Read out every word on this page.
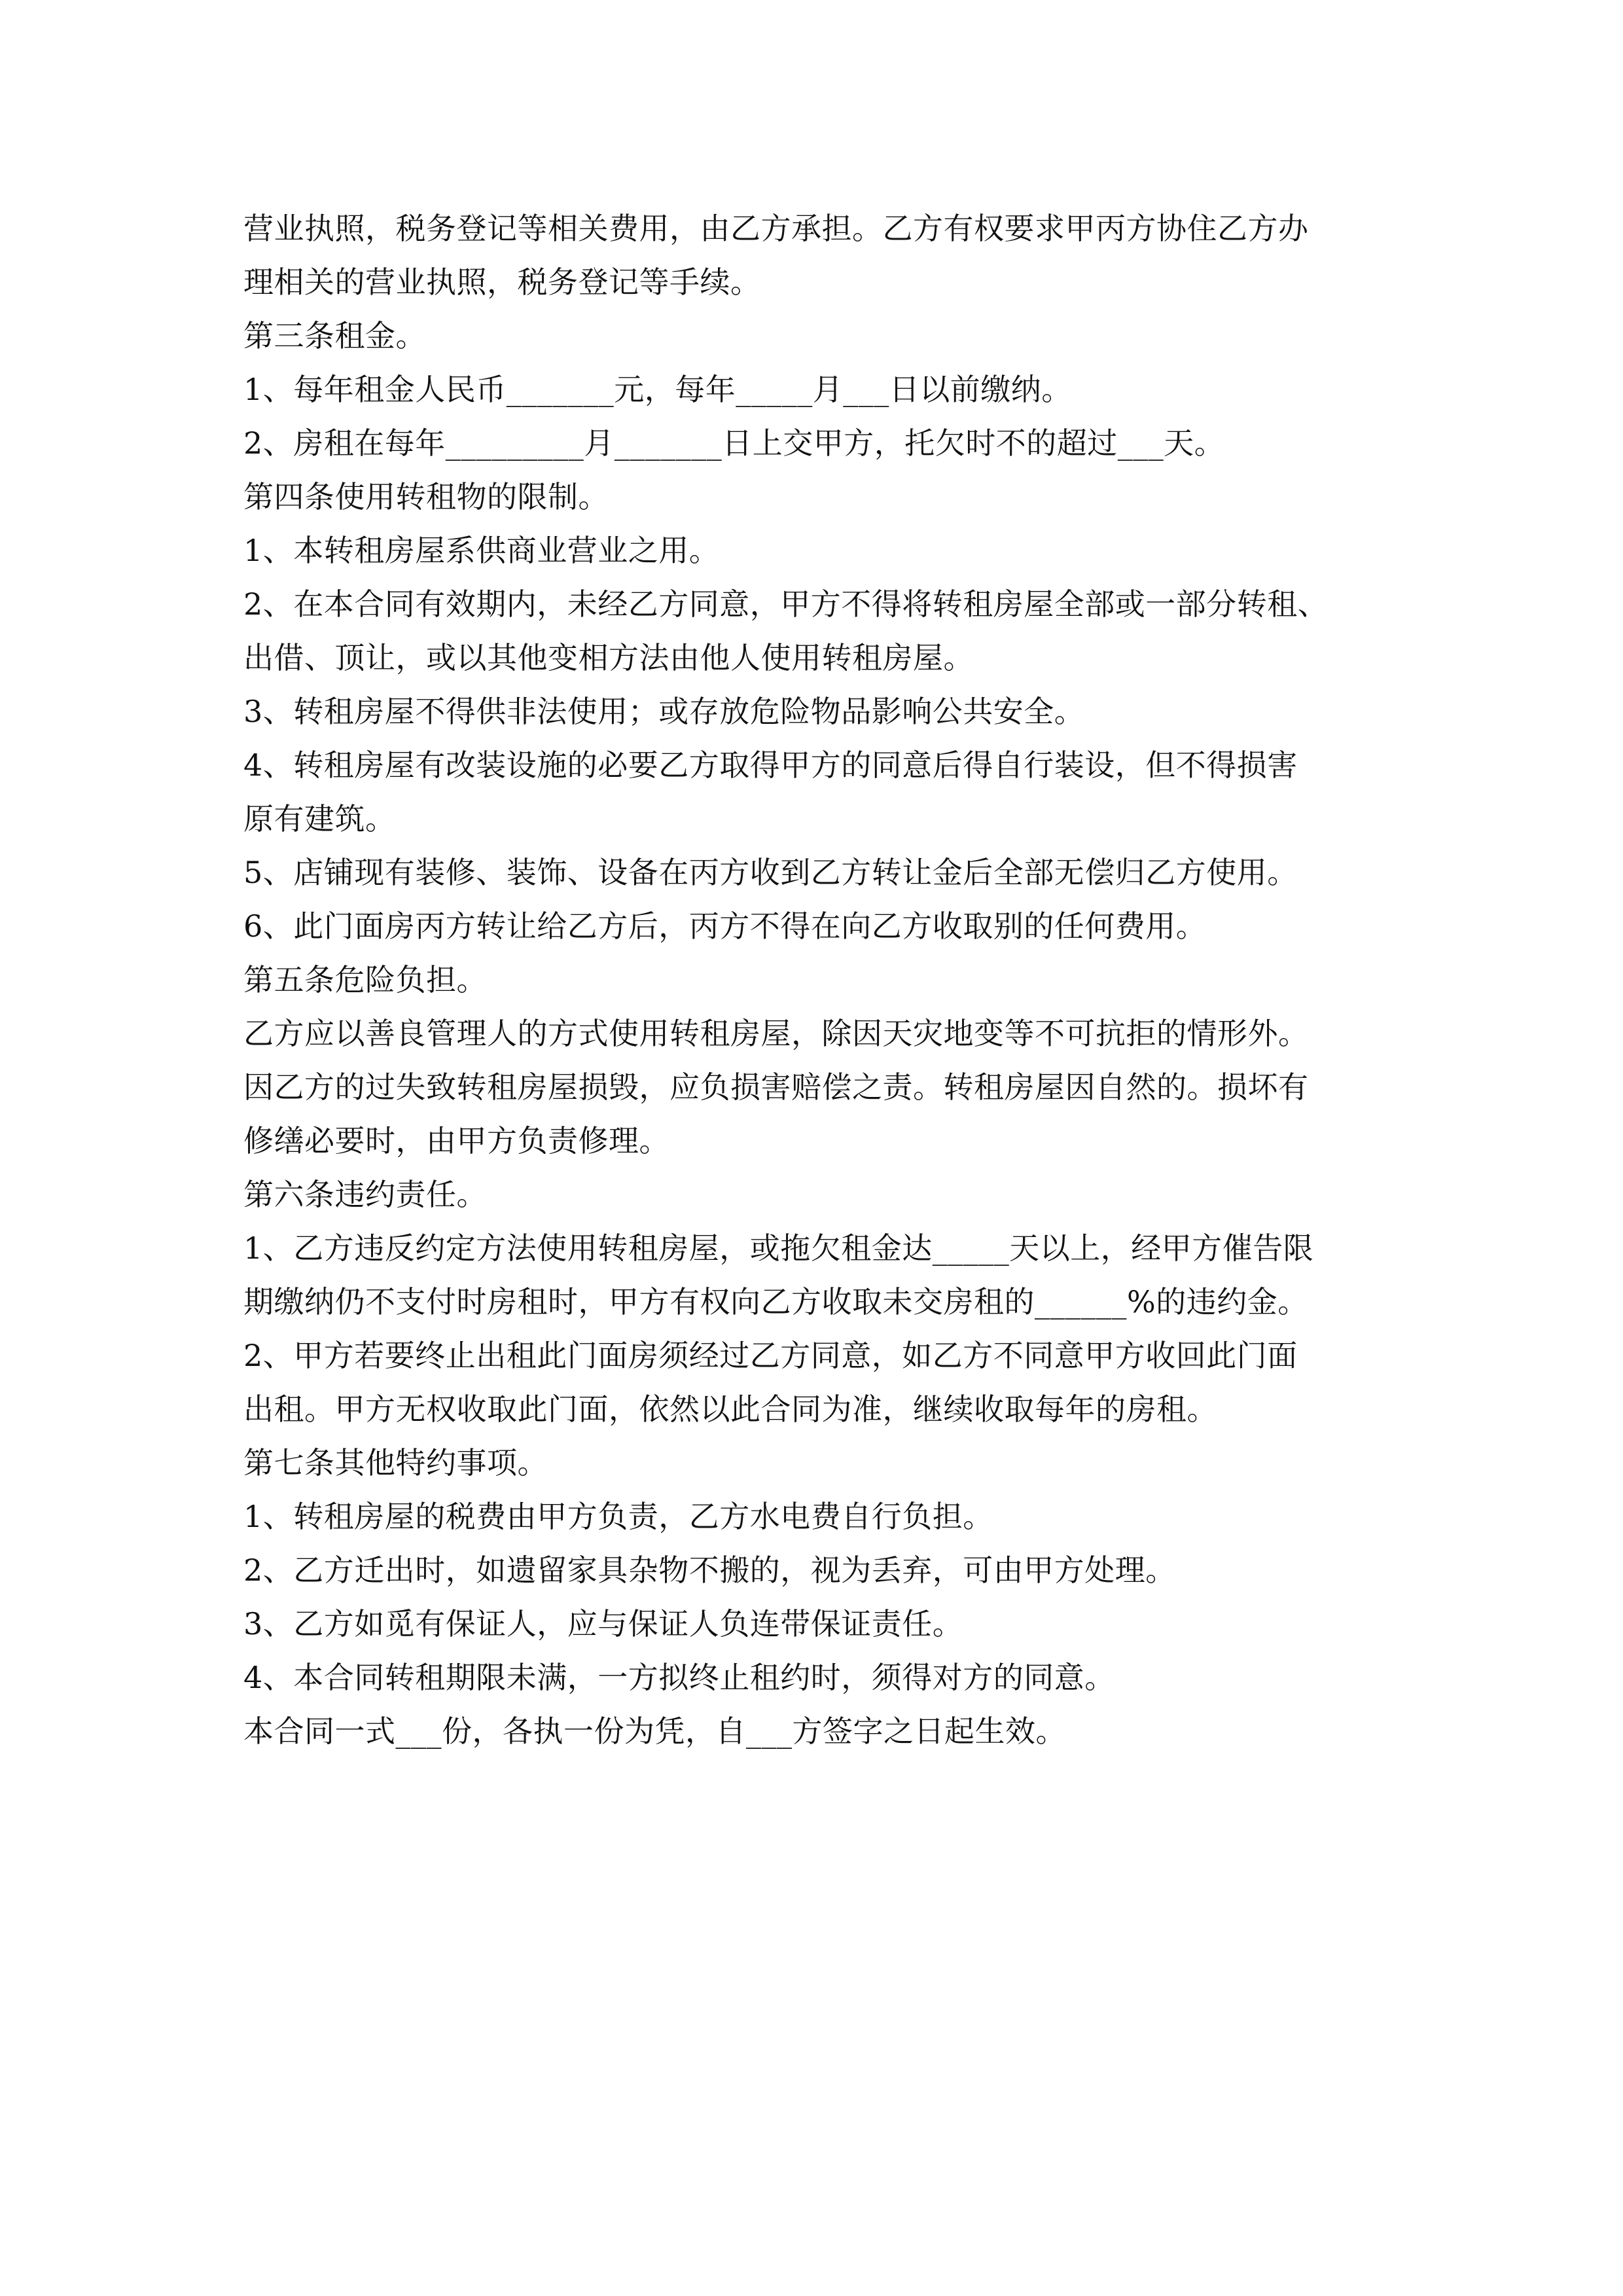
营业执照，税务登记等相关费用，由乙方承担。乙方有权要求甲丙方协住乙方办
理相关的营业执照，税务登记等手续。
第三条租金。
1、每年租金人民币_______元，每年_____月___日以前缴纳。
2、房租在每年_________月_______日上交甲方，托欠时不的超过___天。
第四条使用转租物的限制。
1、本转租房屋系供商业营业之用。
2、在本合同有效期内，未经乙方同意，甲方不得将转租房屋全部或一部分转租、
出借、顶让，或以其他变相方法由他人使用转租房屋。
3、转租房屋不得供非法使用；或存放危险物品影响公共安全。
4、转租房屋有改装设施的必要乙方取得甲方的同意后得自行装设，但不得损害
原有建筑。
5、店铺现有装修、装饰、设备在丙方收到乙方转让金后全部无偿归乙方使用。
6、此门面房丙方转让给乙方后，丙方不得在向乙方收取别的任何费用。
第五条危险负担。
乙方应以善良管理人的方式使用转租房屋，除因天灾地变等不可抗拒的情形外。
因乙方的过失致转租房屋损毁，应负损害赔偿之责。转租房屋因自然的。损坏有
修缮必要时，由甲方负责修理。
第六条违约责任。
1、乙方违反约定方法使用转租房屋，或拖欠租金达_____天以上，经甲方催告限
期缴纳仍不支付时房租时，甲方有权向乙方收取未交房租的______%的违约金。
2、甲方若要终止出租此门面房须经过乙方同意，如乙方不同意甲方收回此门面
出租。甲方无权收取此门面，依然以此合同为准，继续收取每年的房租。
第七条其他特约事项。
1、转租房屋的税费由甲方负责，乙方水电费自行负担。
2、乙方迁出时，如遗留家具杂物不搬的，视为丢弃，可由甲方处理。
3、乙方如觅有保证人，应与保证人负连带保证责任。
4、本合同转租期限未满，一方拟终止租约时，须得对方的同意。
本合同一式___份，各执一份为凭，自___方签字之日起生效。
